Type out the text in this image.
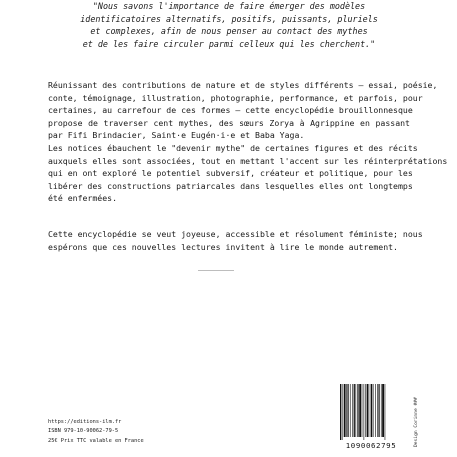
"Nous savons l'importance de faire émerger des modèles
identificatoires alternatifs, positifs, puissants, pluriels
et complexes, afin de nous penser au contact des mythes
et de les faire circuler parmi celleux qui les cherchent."
Réunissant des contributions de nature et de styles différents – essai, poésie,
conte, témoignage, illustration, photographie, performance, et parfois, pour
certaines, au carrefour de ces formes – cette encyclopédie brouillonnesque
propose de traverser cent mythes, des sœurs Zorya à Agrippine en passant
par Fifi Brindacier, Saint·e Eugén·i·e et Baba Yaga.
Les notices ébauchent le "devenir mythe" de certaines figures et des récits
auxquels elles sont associées, tout en mettant l'accent sur les réinterprétations
qui en ont exploré le potentiel subversif, créateur et politique, pour les
libérer des constructions patriarcales dans lesquelles elles ont longtemps
été enfermées.
Cette encyclopédie se veut joyeuse, accessible et résolument féministe; nous
espérons que ces nouvelles lectures invitent à lire le monde autrement.
https://editions-ilm.fr
ISBN 979-10-90062-79-5
25€ Prix TTC valable en France
1090062795	Design Corinne ###
